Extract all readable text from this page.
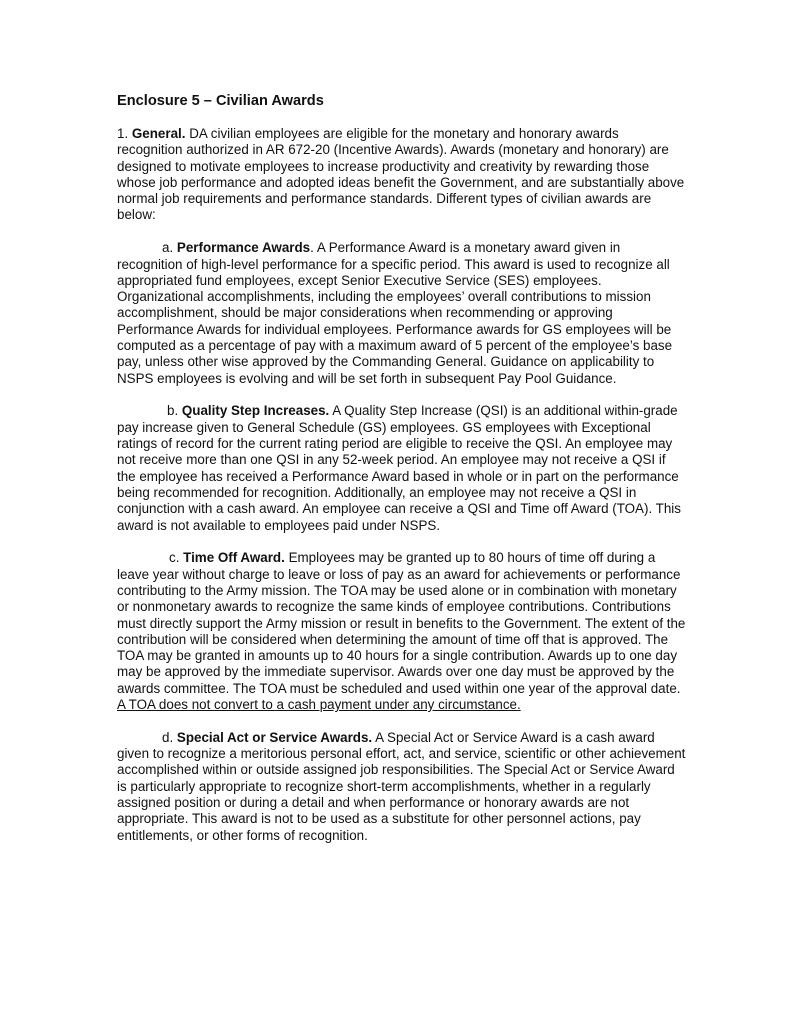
Enclosure 5 – Civilian Awards

1. General. DA civilian employees are eligible for the monetary and honorary awards recognition authorized in AR 672-20 (Incentive Awards). Awards (monetary and honorary) are designed to motivate employees to increase productivity and creativity by rewarding those whose job performance and adopted ideas benefit the Government, and are substantially above normal job requirements and performance standards. Different types of civilian awards are below:

a. Performance Awards. A Performance Award is a monetary award given in recognition of high-level performance for a specific period. This award is used to recognize all appropriated fund employees, except Senior Executive Service (SES) employees. Organizational accomplishments, including the employees’ overall contributions to mission accomplishment, should be major considerations when recommending or approving Performance Awards for individual employees. Performance awards for GS employees will be computed as a percentage of pay with a maximum award of 5 percent of the employee’s base pay, unless other wise approved by the Commanding General. Guidance on applicability to NSPS employees is evolving and will be set forth in subsequent Pay Pool Guidance.

b. Quality Step Increases. A Quality Step Increase (QSI) is an additional within-grade pay increase given to General Schedule (GS) employees. GS employees with Exceptional ratings of record for the current rating period are eligible to receive the QSI. An employee may not receive more than one QSI in any 52-week period. An employee may not receive a QSI if the employee has received a Performance Award based in whole or in part on the performance being recommended for recognition. Additionally, an employee may not receive a QSI in conjunction with a cash award. An employee can receive a QSI and Time off Award (TOA). This award is not available to employees paid under NSPS.

c. Time Off Award. Employees may be granted up to 80 hours of time off during a leave year without charge to leave or loss of pay as an award for achievements or performance contributing to the Army mission. The TOA may be used alone or in combination with monetary or nonmonetary awards to recognize the same kinds of employee contributions. Contributions must directly support the Army mission or result in benefits to the Government. The extent of the contribution will be considered when determining the amount of time off that is approved. The TOA may be granted in amounts up to 40 hours for a single contribution. Awards up to one day may be approved by the immediate supervisor. Awards over one day must be approved by the awards committee. The TOA must be scheduled and used within one year of the approval date. A TOA does not convert to a cash payment under any circumstance.

d. Special Act or Service Awards. A Special Act or Service Award is a cash award given to recognize a meritorious personal effort, act, and service, scientific or other achievement accomplished within or outside assigned job responsibilities. The Special Act or Service Award is particularly appropriate to recognize short-term accomplishments, whether in a regularly assigned position or during a detail and when performance or honorary awards are not appropriate. This award is not to be used as a substitute for other personnel actions, pay entitlements, or other forms of recognition.
